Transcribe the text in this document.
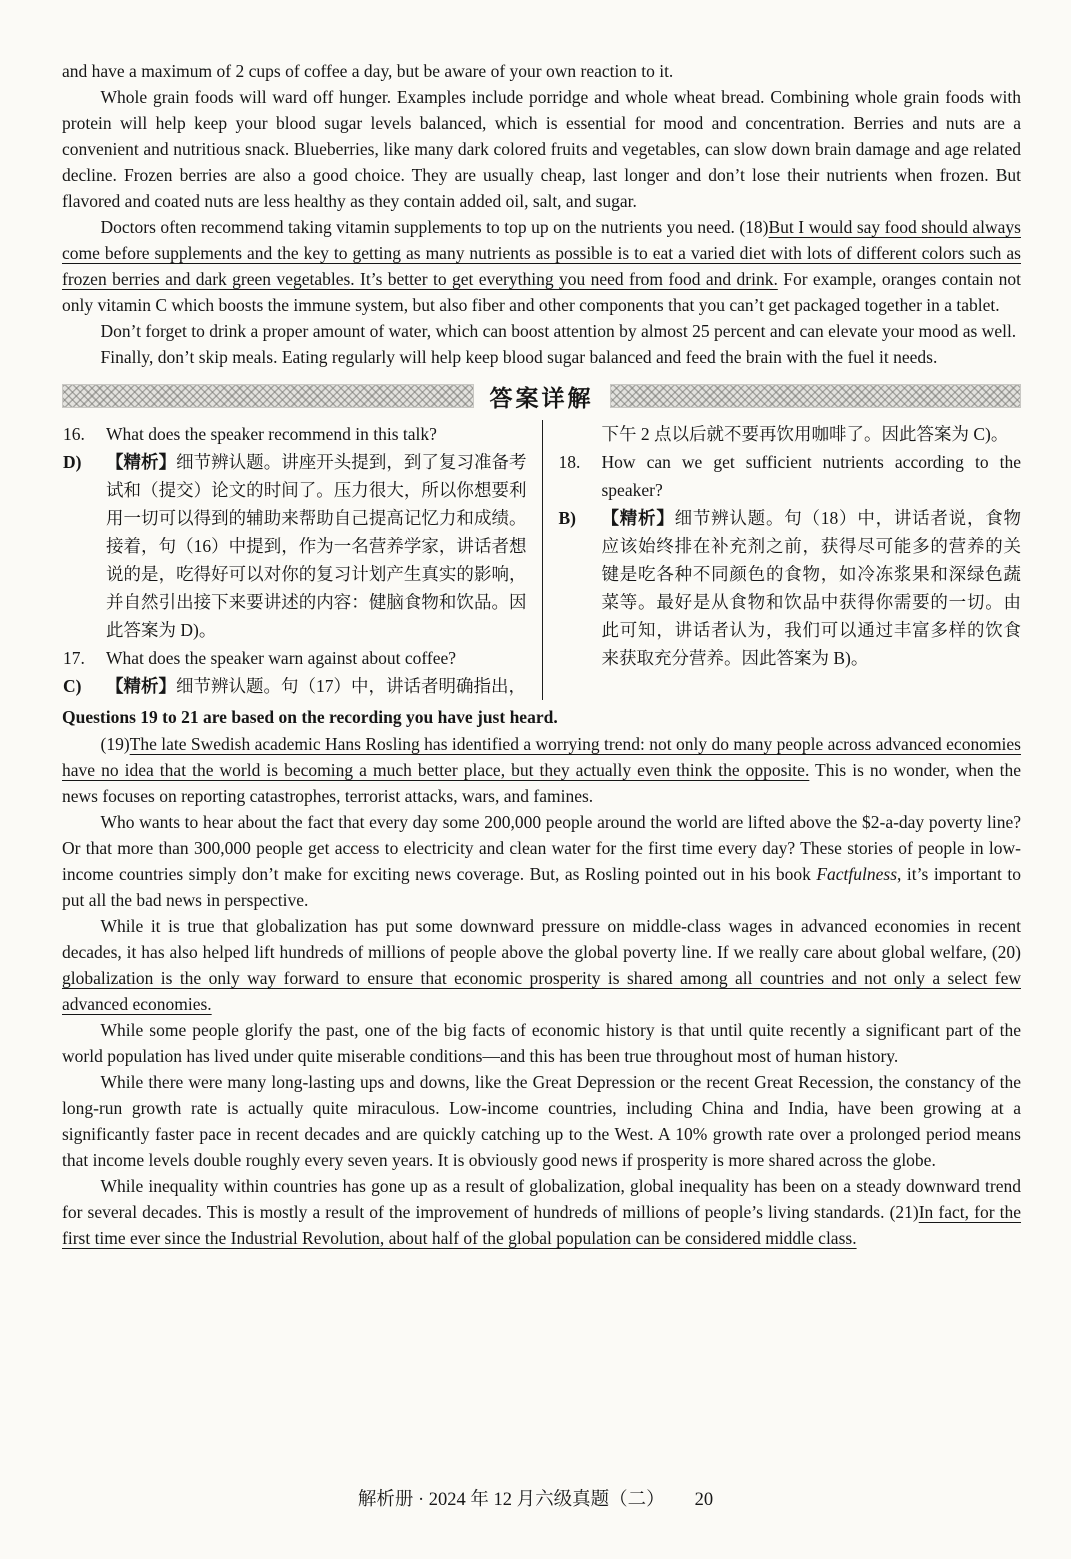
and have a maximum of 2 cups of coffee a day, but be aware of your own reaction to it.

Whole grain foods will ward off hunger. Examples include porridge and whole wheat bread. Combining whole grain foods with protein will help keep your blood sugar levels balanced, which is essential for mood and concentration. Berries and nuts are a convenient and nutritious snack. Blueberries, like many dark colored fruits and vegetables, can slow down brain damage and age related decline. Frozen berries are also a good choice. They are usually cheap, last longer and don’t lose their nutrients when frozen. But flavored and coated nuts are less healthy as they contain added oil, salt, and sugar.

Doctors often recommend taking vitamin supplements to top up on the nutrients you need. (18)But I would say food should always come before supplements and the key to getting as many nutrients as possible is to eat a varied diet with lots of different colors such as frozen berries and dark green vegetables. It’s better to get everything you need from food and drink. For example, oranges contain not only vitamin C which boosts the immune system, but also fiber and other components that you can’t get packaged together in a tablet.

Don’t forget to drink a proper amount of water, which can boost attention by almost 25 percent and can elevate your mood as well.

Finally, don’t skip meals. Eating regularly will help keep blood sugar balanced and feed the brain with the fuel it needs.

答案详解
16. What does the speaker recommend in this talk?
D) 【精析】细节辨认题。讲座开头提到，到了复习准备考试和（提交）论文的时间了。压力很大，所以你想要利用一切可以得到的辅助来帮助自己提高记忆力和成绩。接着，句（16）中提到，作为一名营养学家，讲话者想说的是，吃得好可以对你的复习计划产生真实的影响，并自然引出接下来要讲述的内容：健脑食物和饮品。因此答案为 D)。
17. What does the speaker warn against about coffee?
C) 【精析】细节辨认题。句（17）中，讲话者明确指出，
下午 2 点以后就不要再饮用咖啡了。因此答案为 C)。
18. How can we get sufficient nutrients according to the speaker?
B) 【精析】细节辨认题。句（18）中，讲话者说，食物应该始终排在补充剂之前，获得尽可能多的营养的关键是吃各种不同颜色的食物，如冷冻浆果和深绿色蔬菜等。最好是从食物和饮品中获得你需要的一切。由此可知，讲话者认为，我们可以通过丰富多样的饮食来获取充分营养。因此答案为 B)。

Questions 19 to 21 are based on the recording you have just heard.

(19)The late Swedish academic Hans Rosling has identified a worrying trend: not only do many people across advanced economies have no idea that the world is becoming a much better place, but they actually even think the opposite. This is no wonder, when the news focuses on reporting catastrophes, terrorist attacks, wars, and famines.

Who wants to hear about the fact that every day some 200,000 people around the world are lifted above the $2-a-day poverty line? Or that more than 300,000 people get access to electricity and clean water for the first time every day? These stories of people in low-income countries simply don’t make for exciting news coverage. But, as Rosling pointed out in his book Factfulness, it’s important to put all the bad news in perspective.

While it is true that globalization has put some downward pressure on middle-class wages in advanced economies in recent decades, it has also helped lift hundreds of millions of people above the global poverty line. If we really care about global welfare, (20) globalization is the only way forward to ensure that economic prosperity is shared among all countries and not only a select few advanced economies.

While some people glorify the past, one of the big facts of economic history is that until quite recently a significant part of the world population has lived under quite miserable conditions—and this has been true throughout most of human history.

While there were many long-lasting ups and downs, like the Great Depression or the recent Great Recession, the constancy of the long-run growth rate is actually quite miraculous. Low-income countries, including China and India, have been growing at a significantly faster pace in recent decades and are quickly catching up to the West. A 10% growth rate over a prolonged period means that income levels double roughly every seven years. It is obviously good news if prosperity is more shared across the globe.

While inequality within countries has gone up as a result of globalization, global inequality has been on a steady downward trend for several decades. This is mostly a result of the improvement of hundreds of millions of people’s living standards. (21)In fact, for the first time ever since the Industrial Revolution, about half of the global population can be considered middle class.

解析册 · 2024 年 12 月六级真题（二） 20
